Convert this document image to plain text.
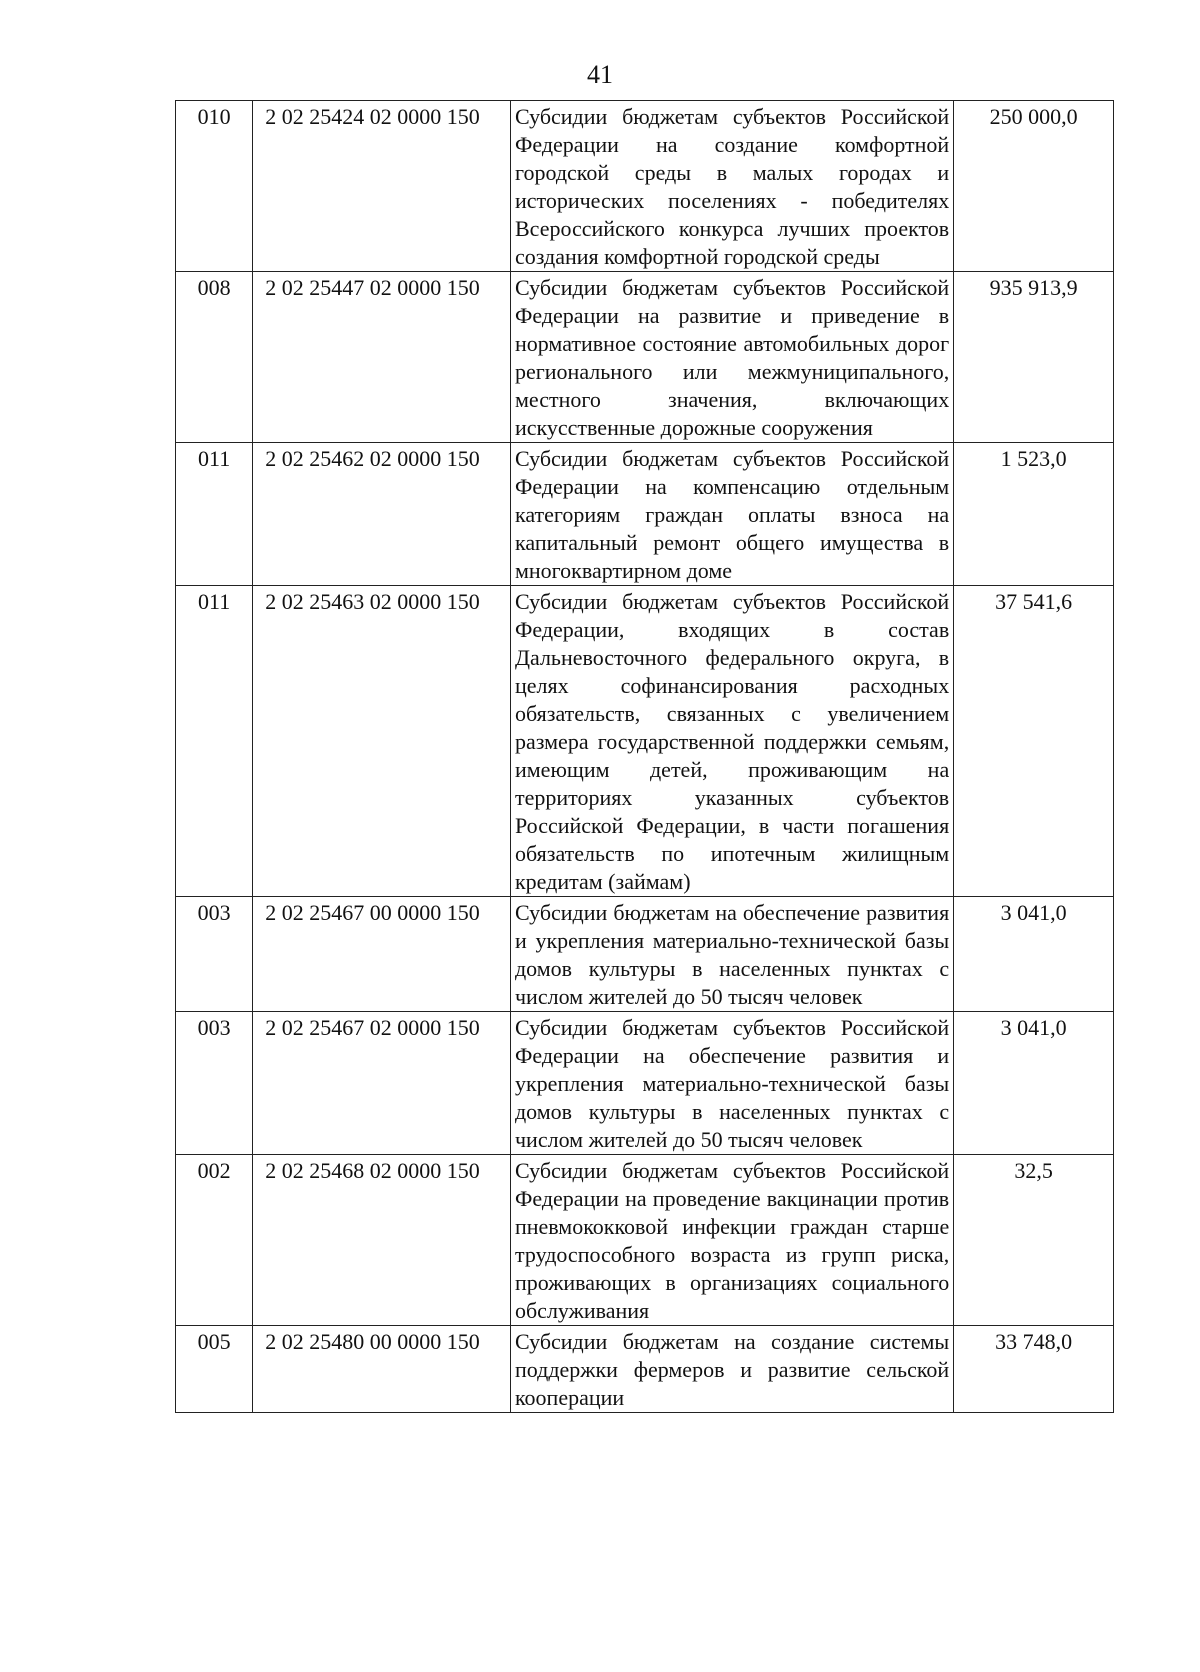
41
010	2 02 25424 02 0000 150	Субсидии бюджетам субъектов Российской Федерации на создание комфортной городской среды в малых городах и исторических поселениях - победителях Всероссийского конкурса лучших проектов создания комфортной городской среды	250 000,0
008	2 02 25447 02 0000 150	Субсидии бюджетам субъектов Российской Федерации на развитие и приведение в нормативное состояние автомобильных дорог регионального или межмуниципального, местного значения, включающих искусственные дорожные сооружения	935 913,9
011	2 02 25462 02 0000 150	Субсидии бюджетам субъектов Российской Федерации на компенсацию отдельным категориям граждан оплаты взноса на капитальный ремонт общего имущества в многоквартирном доме	1 523,0
011	2 02 25463 02 0000 150	Субсидии бюджетам субъектов Российской Федерации, входящих в состав Дальневосточного федерального округа, в целях софинансирования расходных обязательств, связанных с увеличением размера государственной поддержки семьям, имеющим детей, проживающим на территориях указанных субъектов Российской Федерации, в части погашения обязательств по ипотечным жилищным кредитам (займам)	37 541,6
003	2 02 25467 00 0000 150	Субсидии бюджетам на обеспечение развития и укрепления материально-технической базы домов культуры в населенных пунктах с числом жителей до 50 тысяч человек	3 041,0
003	2 02 25467 02 0000 150	Субсидии бюджетам субъектов Российской Федерации на обеспечение развития и укрепления материально-технической базы домов культуры в населенных пунктах с числом жителей до 50 тысяч человек	3 041,0
002	2 02 25468 02 0000 150	Субсидии бюджетам субъектов Российской Федерации на проведение вакцинации против пневмококковой инфекции граждан старше трудоспособного возраста из групп риска, проживающих в организациях социального обслуживания	32,5
005	2 02 25480 00 0000 150	Субсидии бюджетам на создание системы поддержки фермеров и развитие сельской кооперации	33 748,0
